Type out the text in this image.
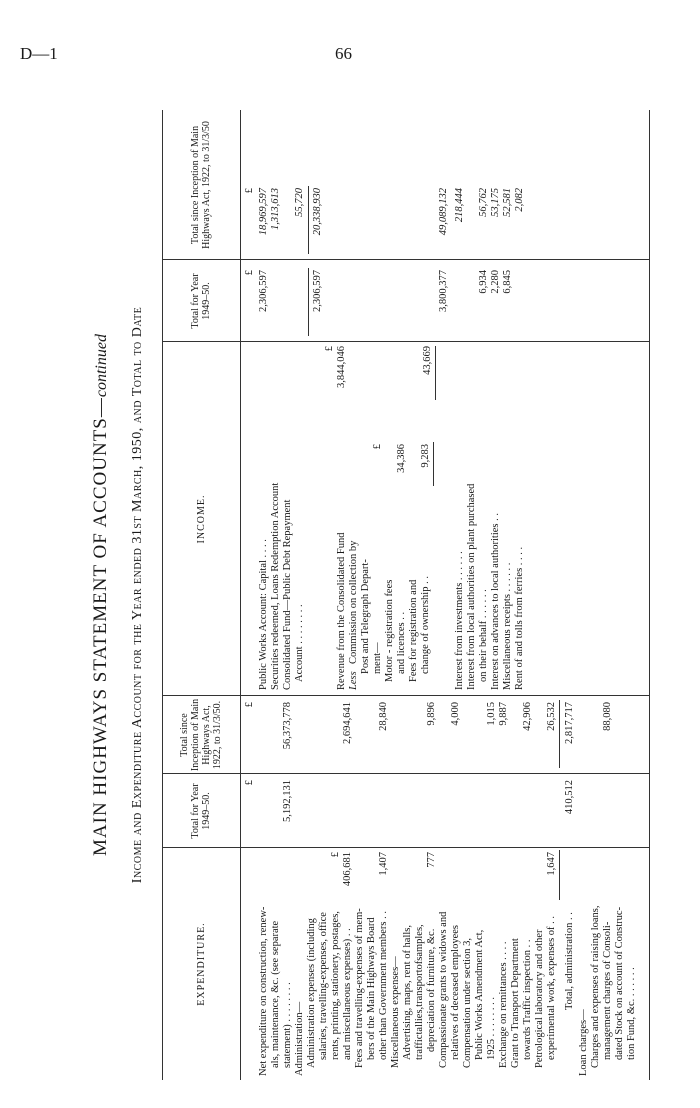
D—1	66
MAIN HIGHWAYS STATEMENT OF ACCOUNTS—continued Income and Expenditure Account for the Year ended 31st March, 1950, and Total to Date
EXPENDITURE.
Total for Year 1949–50.
Total since Inception of Main Highways Act, 1922, to 31/3/50.
INCOME.
Total for Year 1949–50.
Total since Inception of Main Highways Act, 1922, to 31/3/50
£
£
£
£
Net expenditure on construction, renew- als, maintenance, &c. (see separate statement) . . . . . . . .
5,192,131
56,373,778
Administration— Administration expenses (including salaries, travelling-expenses, office rents, printing, stationery, postages,
£
and miscellaneous expenses) . .
406,681
2,694,641
Fees and travelling-expenses of mem- bers of the Main Highways Board other than Government members . .
1,407
28,840
Miscellaneous expenses— Advertising, maps, rent of halls, traffictallies,transportofsamples, depreciation of furniture, &c.
777
9,896
Compassionate grants to widows and relatives of deceased employees
4,000
Compensation under section 3, Public Works Amendment Act, 1925 . . . . . . . .
1,015
Exchange on remittances . . . .
9,887
Grant to Transport Department towards Traffic inspection . .
42,906
Petrological laboratory and other experimental work, expenses of . .
1,647
26,532
Total, administration . .
410,512
2,817,717
Loan charges— Charges and expenses of raising loans, management charges of Consoli- dated Stock on account of Construc- tion Fund, &c. . . . . . .
88,080
Public Works Account: Capital . . . .
2,306,597
18,969,597
Securities redeemed, Loans Redemption Account
1,313,613
Consolidated Fund—Public Debt Repayment Account . . . . . . . .
55,720
2,306,597
20,338,930
£
Revenue from the Consolidated Fund
3,844,046
Less
Commission on collection by Post and Telegraph Depart- ment—
£
Motor - registration fees and licences . .
34,386
Fees for registration and change of ownership . .
9,283
43,669
3,800,377
49,089,132
Interest from investments . . . . . .
218,444
Interest from local authorities on plant purchased on their behalf . . . . . .
6,934
56,762
Interest on advances to local authorities . .
2,280
53,175
Miscellaneous receipts . . . . . .
6,845
52,581
Rent of and tolls from ferries . . . .
2,082
